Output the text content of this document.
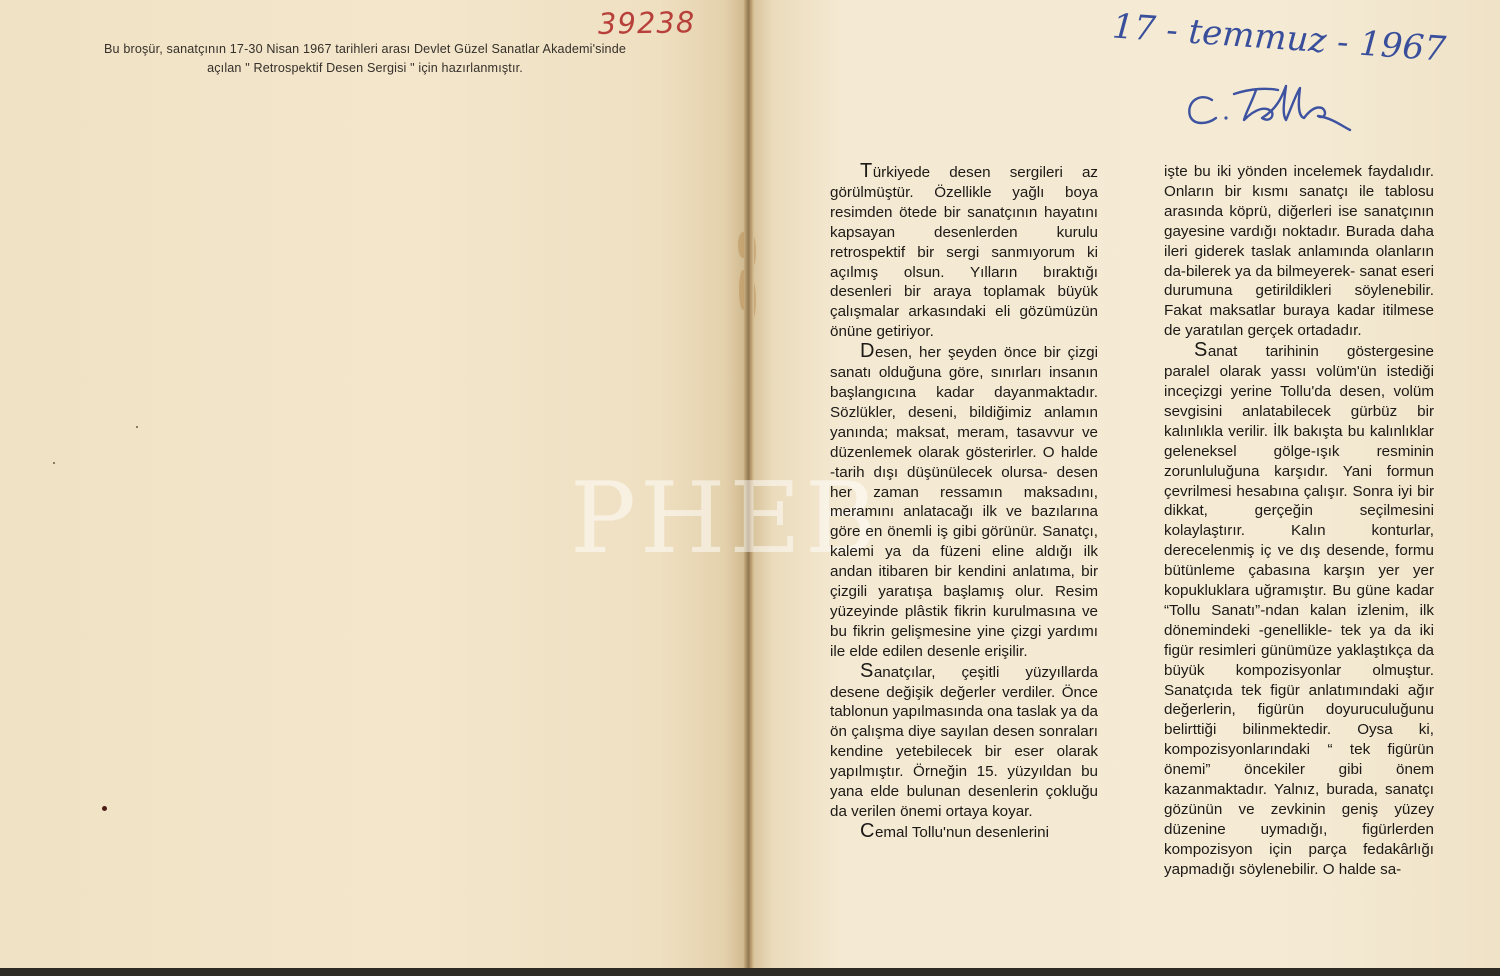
39238
Bu broşür, sanatçının 17-30 Nisan 1967 tarihleri arası Devlet Güzel Sanatlar Akademi'sinde
açılan " Retrospektif Desen Sergisi " için hazırlanmıştır.	17 - temmuz - 1967
PHEB

Türkiyede desen sergileri az görülmüştür. Özellikle yağlı boya resimden ötede bir sanatçının hayatını kapsayan desenlerden kurulu retrospektif bir sergi sanmıyorum ki açılmış olsun. Yılların bıraktığı desenleri bir araya toplamak büyük çalışmalar arkasındaki eli gözümüzün önüne getiriyor.

Desen, her şeyden önce bir çizgi sanatı olduğuna göre, sınırları insanın başlangıcına kadar dayanmaktadır. Sözlükler, deseni, bildiğimiz anlamın yanında; maksat, meram, tasavvur ve düzenlemek olarak gösterirler. O halde -tarih dışı düşünülecek olursa- desen her zaman ressamın maksadını, meramını anlatacağı ilk ve bazılarına göre en önemli iş gibi görünür. Sanatçı, kalemi ya da füzeni eline aldığı ilk andan itibaren bir kendini anlatıma, bir çizgili yaratışa başlamış olur. Resim yüzeyinde plâstik fikrin kurulmasına ve bu fikrin gelişmesine yine çizgi yardımı ile elde edilen desenle erişilir.

Sanatçılar, çeşitli yüzyıllarda desene değişik değerler verdiler. Önce tablonun yapılmasında ona taslak ya da ön çalışma diye sayılan desen sonraları kendine yetebilecek bir eser olarak yapılmıştır. Örneğin 15. yüzyıldan bu yana elde bulunan desenlerin çokluğu da verilen önemi ortaya koyar.

Cemal Tollu'nun desenlerini

işte bu iki yönden incelemek faydalıdır. Onların bir kısmı sanatçı ile tablosu arasında köprü, diğerleri ise sanatçının gayesine vardığı noktadır. Burada daha ileri giderek taslak anlamında olanların da-bilerek ya da bilmeyerek- sanat eseri durumuna getirildikleri söylenebilir. Fakat maksatlar buraya kadar itilmese de yaratılan gerçek ortadadır.

Sanat tarihinin göstergesine paralel olarak yassı volüm'ün istediği inceçizgi yerine Tollu'da desen, volüm sevgisini anlatabilecek gürbüz bir kalınlıkla verilir. İlk bakışta bu kalınlıklar geleneksel gölge-ışık resminin zorunluluğuna karşıdır. Yani formun çevrilmesi hesabına çalışır. Sonra iyi bir dikkat, gerçeğin seçilmesini kolaylaştırır. Kalın konturlar, derecelenmiş iç ve dış desende, formu bütünleme çabasına karşın yer yer kopukluklara uğramıştır. Bu güne kadar “Tollu Sanatı”-ndan kalan izlenim, ilk dönemindeki -genellikle- tek ya da iki figür resimleri günümüze yaklaştıkça da büyük kompozisyonlar olmuştur. Sanatçıda tek figür anlatımındaki ağır değerlerin, figürün doyuruculuğunu belirttiği bilinmektedir. Oysa ki, kompozisyonlarındaki “ tek figürün önemi” öncekiler gibi önem kazanmaktadır. Yalnız, burada, sanatçı gözünün ve zevkinin geniş yüzey düzenine uymadığı, figürlerden kompozisyon için parça fedakârlığı yapmadığı söylenebilir. O halde sa-
